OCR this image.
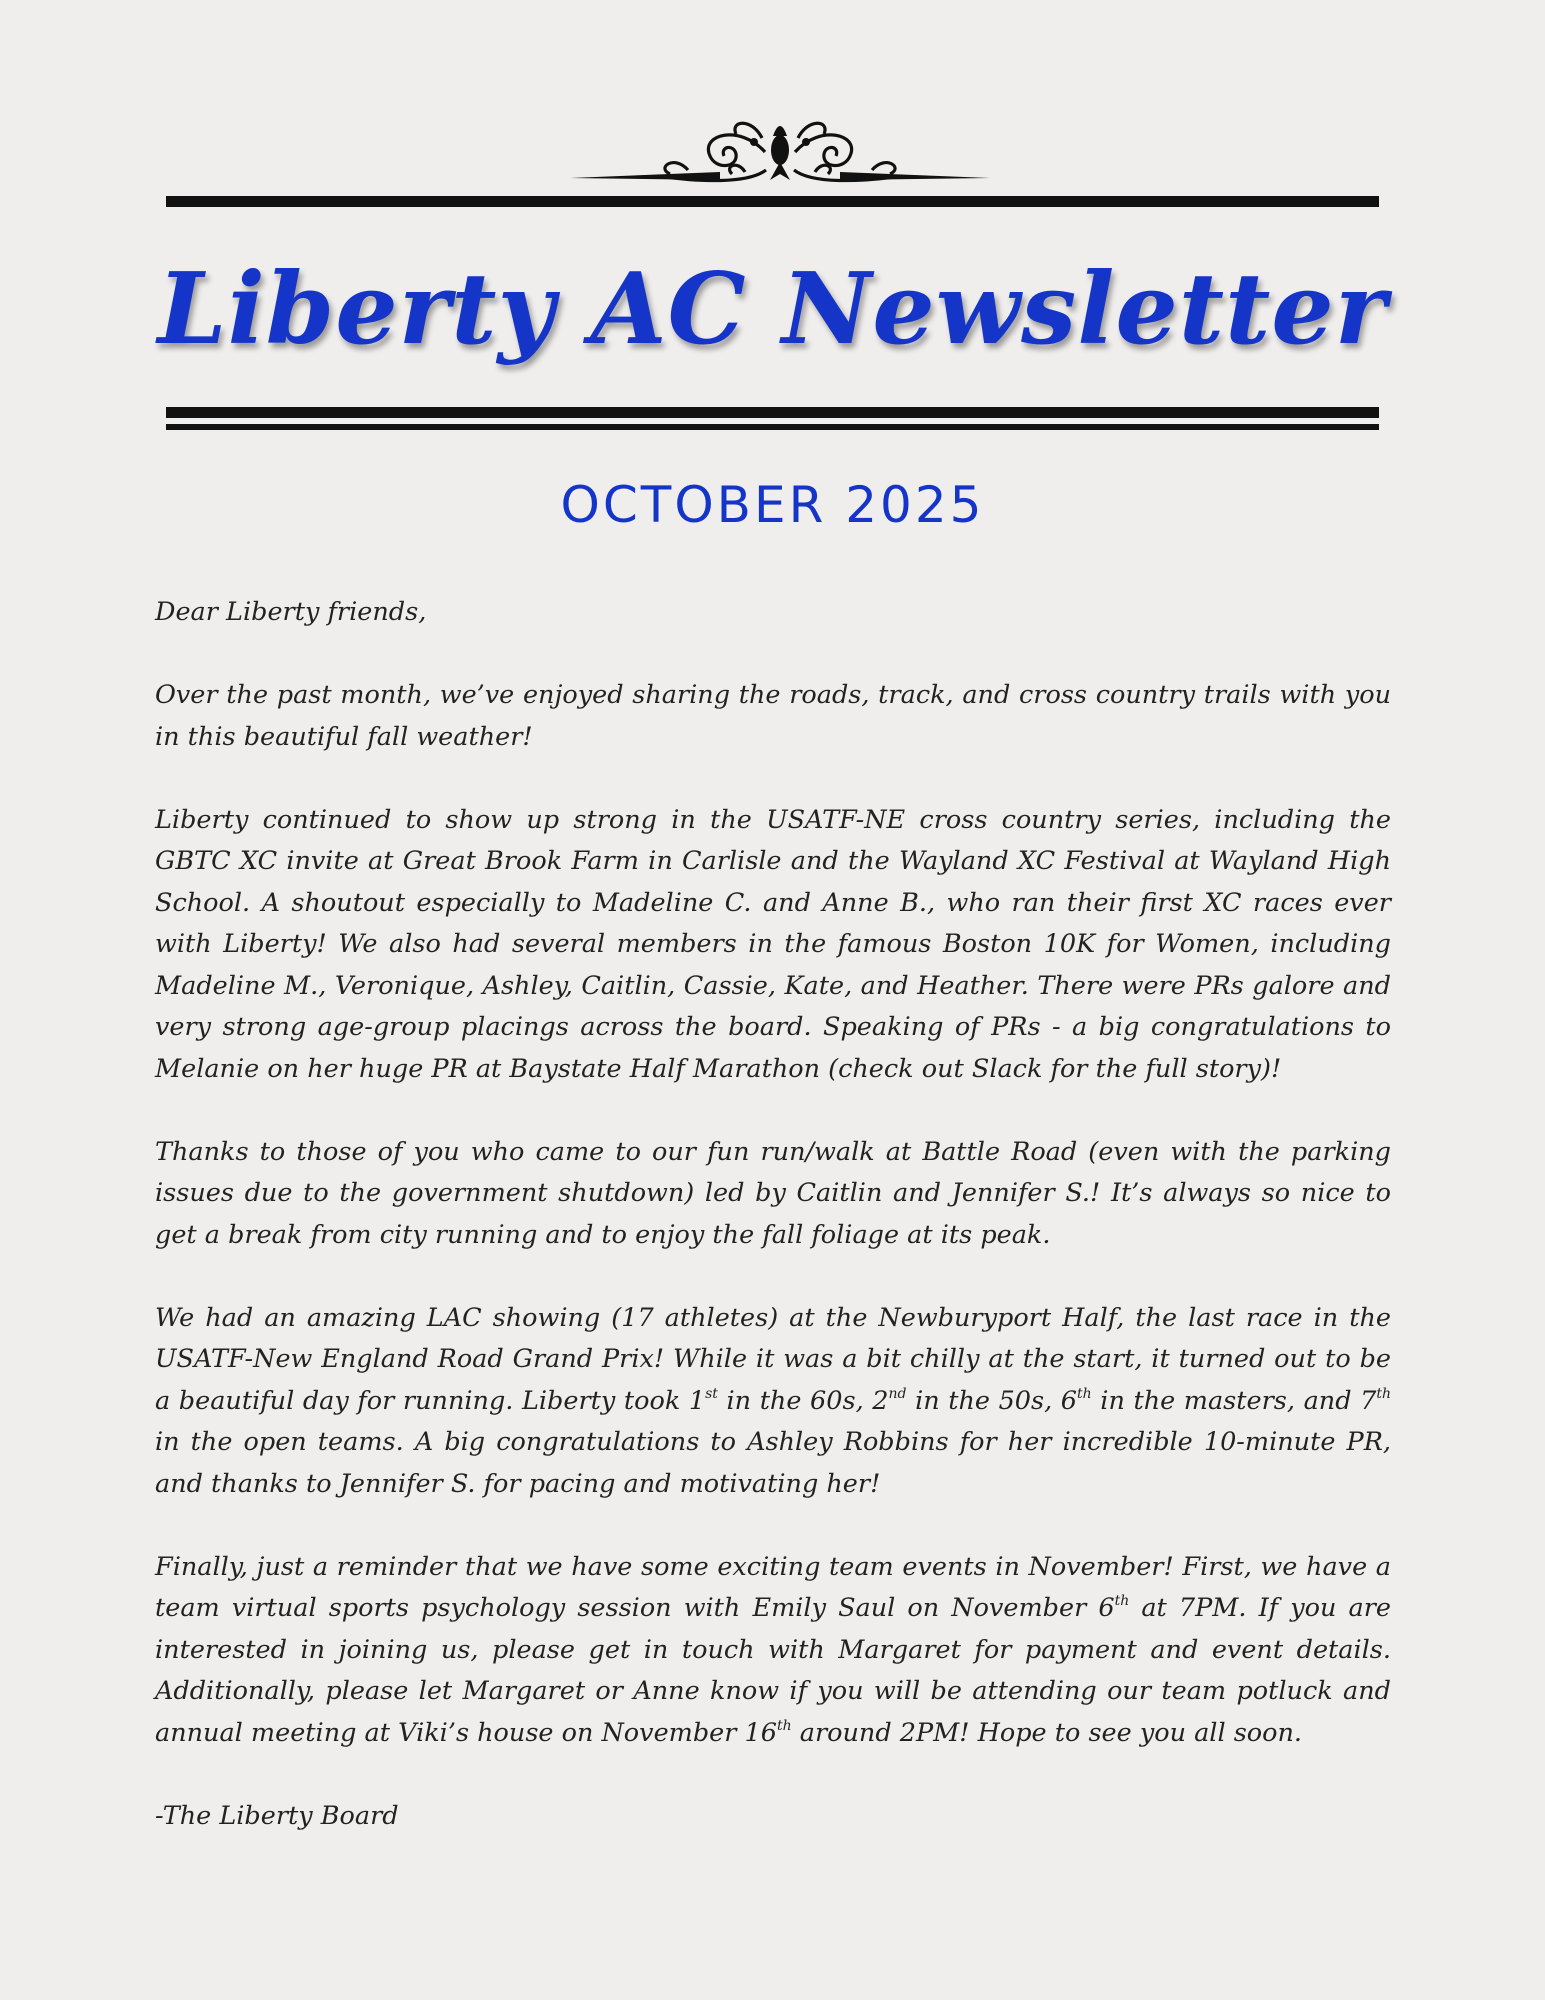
Liberty AC Newsletter
OCTOBER 2025

Dear Liberty friends,

Over the past month, we’ve enjoyed sharing the roads, track, and cross country trails with you in this beautiful fall weather!

Liberty continued to show up strong in the USATF-NE cross country series, including the GBTC XC invite at Great Brook Farm in Carlisle and the Wayland XC Festival at Wayland High School. A shoutout especially to Madeline C. and Anne B., who ran their first XC races ever with Liberty! We also had several members in the famous Boston 10K for Women, including Madeline M., Veronique, Ashley, Caitlin, Cassie, Kate, and Heather. There were PRs galore and very strong age-group placings across the board. Speaking of PRs - a big congratulations to Melanie on her huge PR at Baystate Half Marathon (check out Slack for the full story)!

Thanks to those of you who came to our fun run/walk at Battle Road (even with the parking issues due to the government shutdown) led by Caitlin and Jennifer S.! It’s always so nice to get a break from city running and to enjoy the fall foliage at its peak.

We had an amazing LAC showing (17 athletes) at the Newburyport Half, the last race in the USATF-New England Road Grand Prix! While it was a bit chilly at the start, it turned out to be a beautiful day for running. Liberty took 1st in the 60s, 2nd in the 50s, 6th in the masters, and 7th in the open teams. A big congratulations to Ashley Robbins for her incredible 10-minute PR, and thanks to Jennifer S. for pacing and motivating her!

Finally, just a reminder that we have some exciting team events in November! First, we have a team virtual sports psychology session with Emily Saul on November 6th at 7PM. If you are interested in joining us, please get in touch with Margaret for payment and event details. Additionally, please let Margaret or Anne know if you will be attending our team potluck and annual meeting at Viki’s house on November 16th around 2PM! Hope to see you all soon.

-The Liberty Board
